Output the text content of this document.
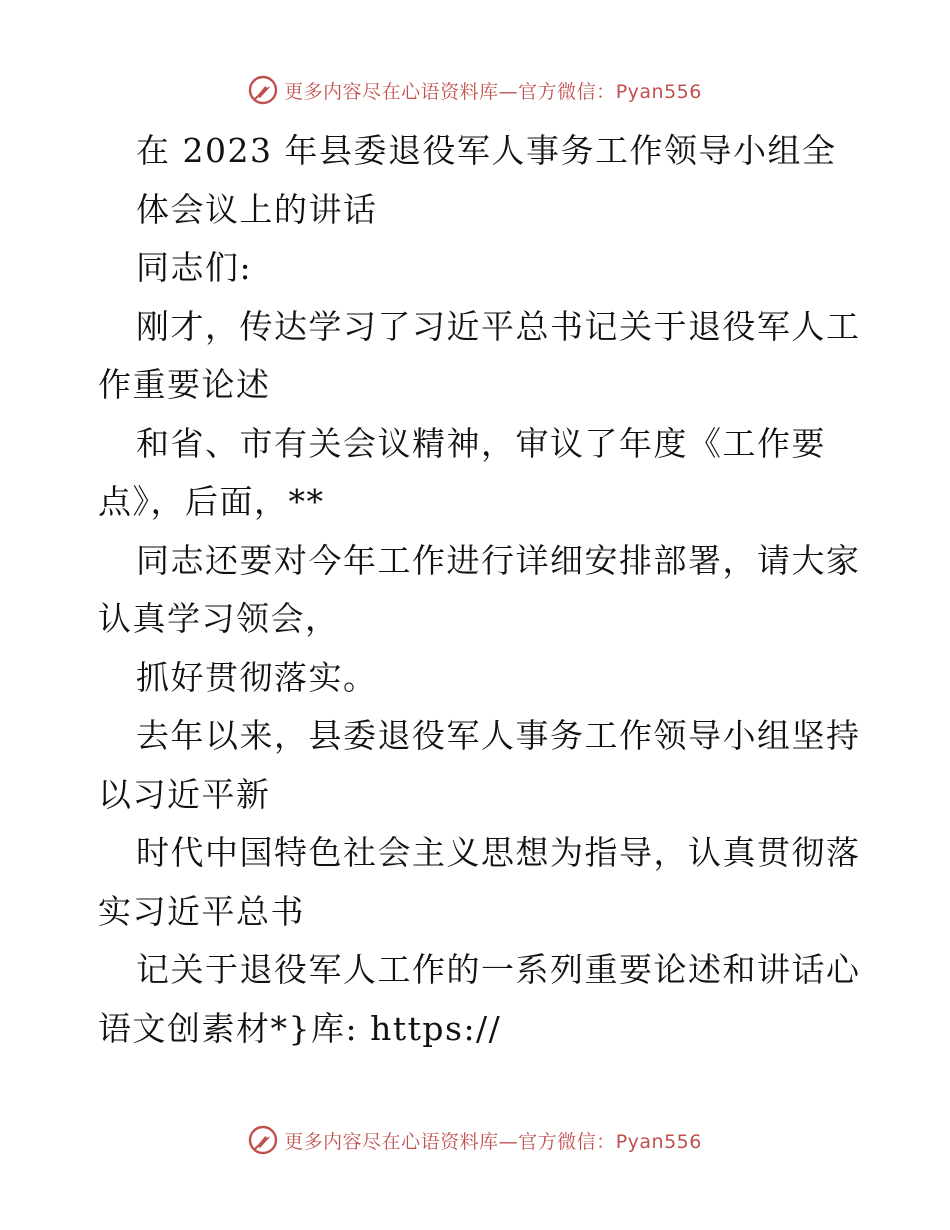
更多内容尽在心语资料库—官方微信：Pyan556
在 2023 年县委退役军人事务工作领导小组全
体会议上的讲话
同志们:
刚才，传达学习了习近平总书记关于退役军人工
作重要论述
和省、市有关会议精神，审议了年度《工作要
点》，后面，**
同志还要对今年工作进行详细安排部署，请大家
认真学习领会，
抓好贯彻落实。
去年以来，县委退役军人事务工作领导小组坚持
以习近平新
时代中国特色社会主义思想为指导，认真贯彻落
实习近平总书
记关于退役军人工作的一系列重要论述和讲话心
语文创素材*}库: https://
更多内容尽在心语资料库—官方微信：Pyan556
